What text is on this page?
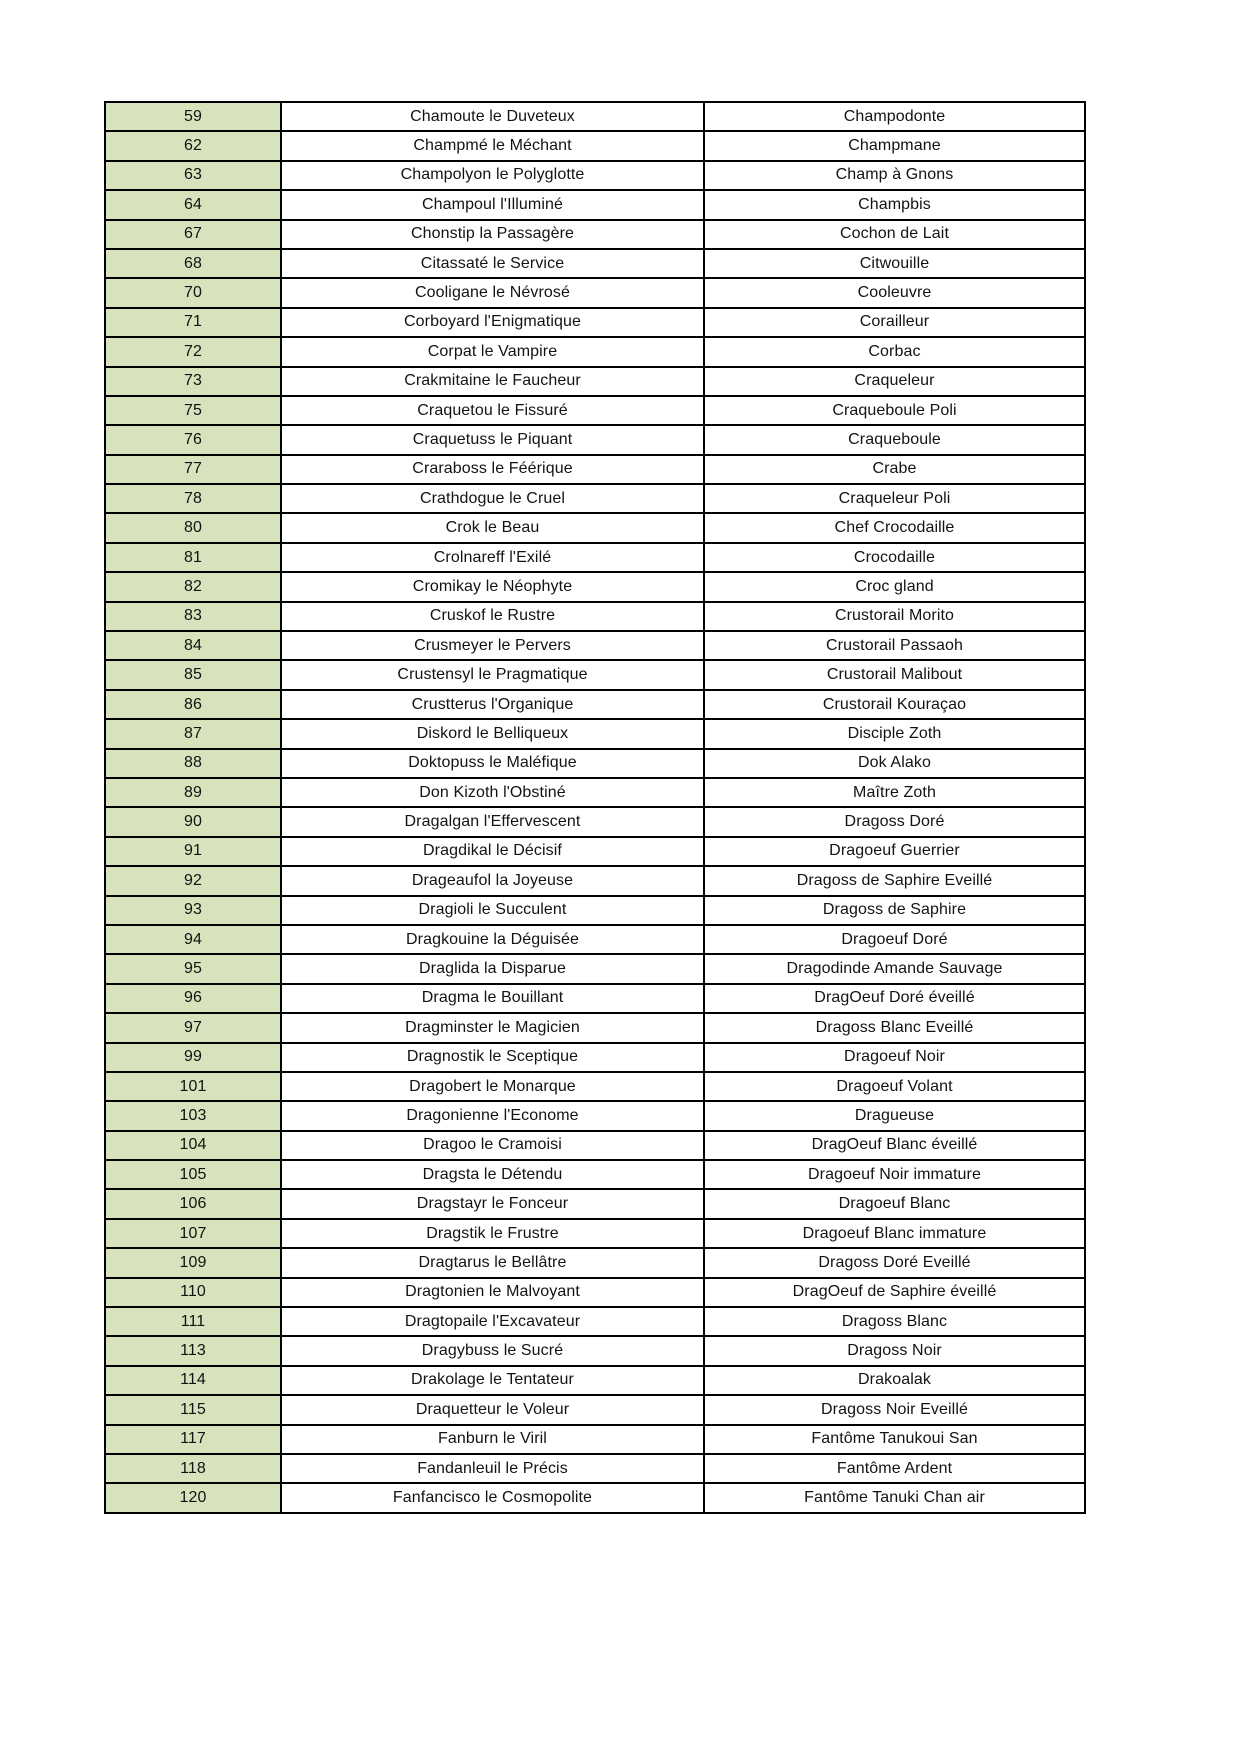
59	Chamoute le Duveteux	Champodonte
62	Champmé le Méchant	Champmane
63	Champolyon le Polyglotte	Champ à Gnons
64	Champoul l'Illuminé	Champbis
67	Chonstip la Passagère	Cochon de Lait
68	Citassaté le Service	Citwouille
70	Cooligane le Névrosé	Cooleuvre
71	Corboyard l'Enigmatique	Corailleur
72	Corpat le Vampire	Corbac
73	Crakmitaine le Faucheur	Craqueleur
75	Craquetou le Fissuré	Craqueboule Poli
76	Craquetuss le Piquant	Craqueboule
77	Craraboss le Féérique	Crabe
78	Crathdogue le Cruel	Craqueleur Poli
80	Crok le Beau	Chef Crocodaille
81	Crolnareff l'Exilé	Crocodaille
82	Cromikay le Néophyte	Croc gland
83	Cruskof le Rustre	Crustorail Morito
84	Crusmeyer le Pervers	Crustorail Passaoh
85	Crustensyl le Pragmatique	Crustorail Malibout
86	Crustterus l'Organique	Crustorail Kouraçao
87	Diskord le Belliqueux	Disciple Zoth
88	Doktopuss le Maléfique	Dok Alako
89	Don Kizoth l'Obstiné	Maître Zoth
90	Dragalgan l'Effervescent	Dragoss Doré
91	Dragdikal le Décisif	Dragoeuf Guerrier
92	Drageaufol la Joyeuse	Dragoss de Saphire Eveillé
93	Dragioli le Succulent	Dragoss de Saphire
94	Dragkouine la Déguisée	Dragoeuf Doré
95	Draglida la Disparue	Dragodinde Amande Sauvage
96	Dragma le Bouillant	DragOeuf Doré éveillé
97	Dragminster le Magicien	Dragoss Blanc Eveillé
99	Dragnostik le Sceptique	Dragoeuf Noir
101	Dragobert le Monarque	Dragoeuf Volant
103	Dragonienne l'Econome	Dragueuse
104	Dragoo le Cramoisi	DragOeuf Blanc éveillé
105	Dragsta le Détendu	Dragoeuf Noir immature
106	Dragstayr le Fonceur	Dragoeuf Blanc
107	Dragstik le Frustre	Dragoeuf Blanc immature
109	Dragtarus le Bellâtre	Dragoss Doré Eveillé
110	Dragtonien le Malvoyant	DragOeuf de Saphire éveillé
111	Dragtopaile l'Excavateur	Dragoss Blanc
113	Dragybuss le Sucré	Dragoss Noir
114	Drakolage le Tentateur	Drakoalak
115	Draquetteur le Voleur	Dragoss Noir Eveillé
117	Fanburn le Viril	Fantôme Tanukoui San
118	Fandanleuil le Précis	Fantôme Ardent
120	Fanfancisco le Cosmopolite	Fantôme Tanuki Chan air
